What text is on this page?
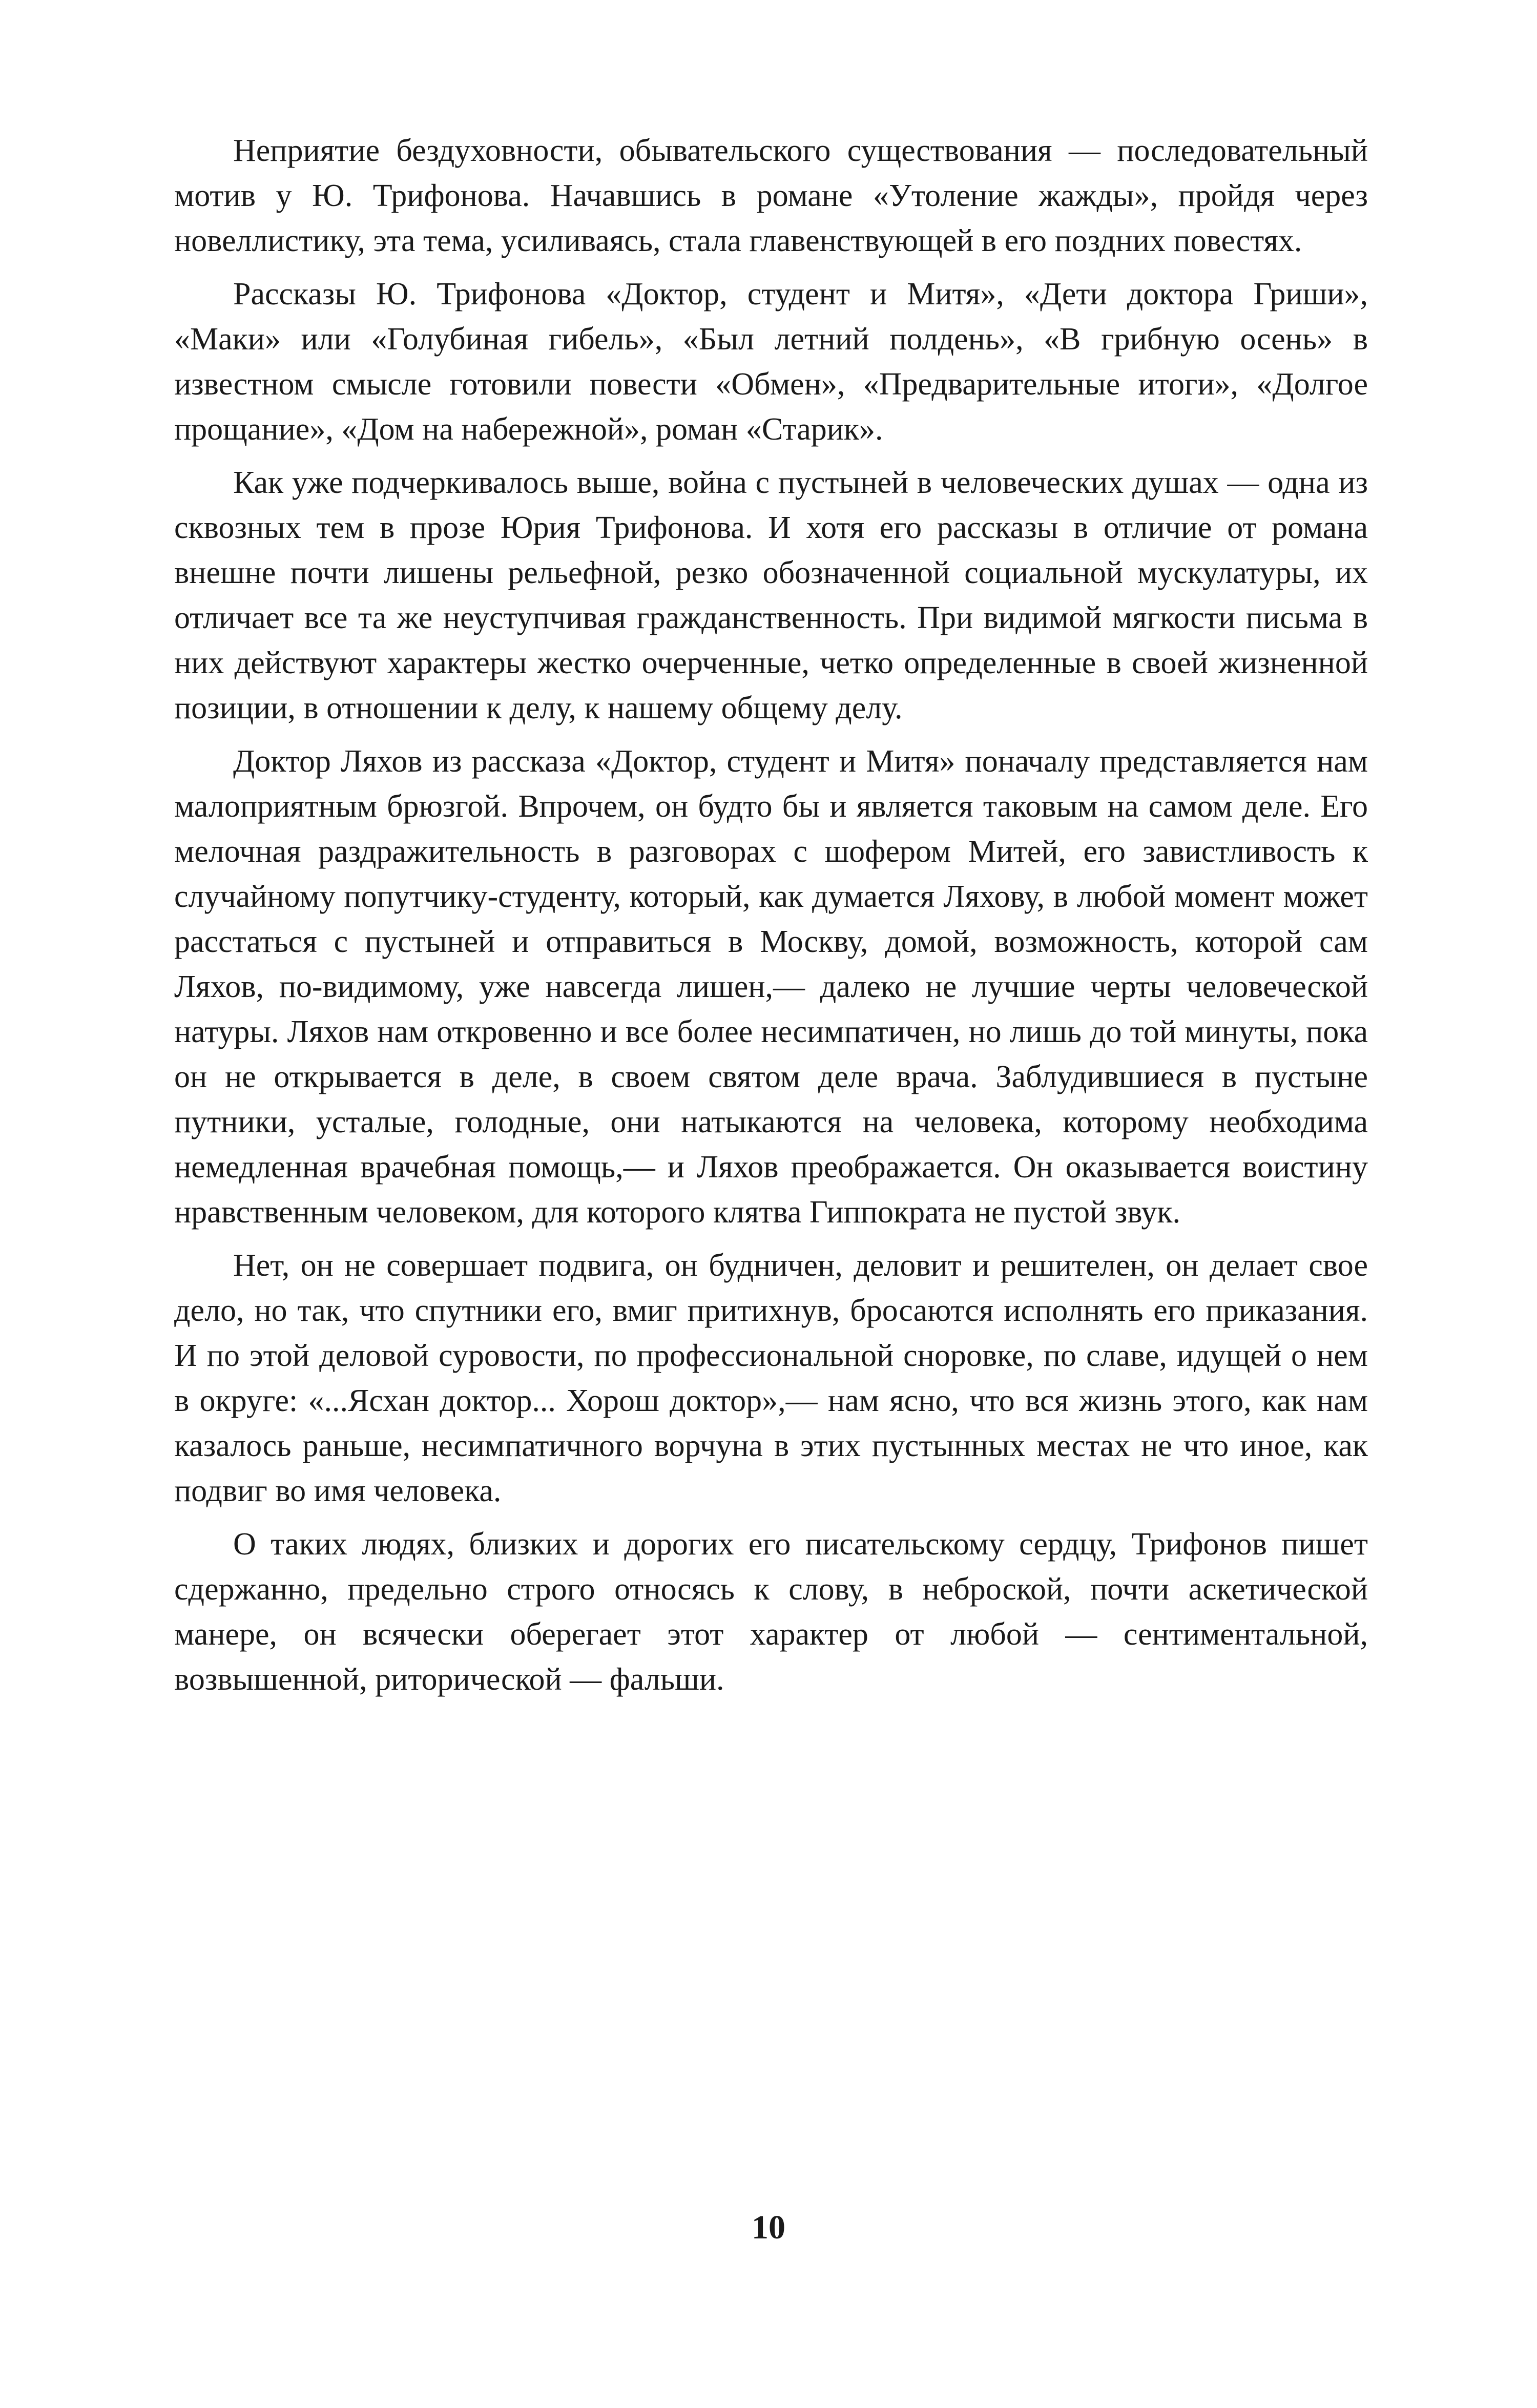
Неприятие бездуховности, обывательского существования — последовательный мотив у Ю. Трифонова. Начавшись в романе «Утоление жажды», пройдя через новеллистику, эта тема, усиливаясь, стала главенствующей в его поздних повестях.

Рассказы Ю. Трифонова «Доктор, студент и Митя», «Дети доктора Гриши», «Маки» или «Голубиная гибель», «Был летний полдень», «В грибную осень» в известном смысле готовили повести «Обмен», «Предварительные итоги», «Долгое прощание», «Дом на набережной», роман «Старик».

Как уже подчеркивалось выше, война с пустыней в человеческих душах — одна из сквозных тем в прозе Юрия Трифонова. И хотя его рассказы в отличие от романа внешне почти лишены рельефной, резко обозначенной социальной мускулатуры, их отличает все та же неуступчивая гражданственность. При видимой мягкости письма в них действуют характеры жестко очерченные, четко определенные в своей жизненной позиции, в отношении к делу, к нашему общему делу.

Доктор Ляхов из рассказа «Доктор, студент и Митя» поначалу представляется нам малоприятным брюзгой. Впрочем, он будто бы и является таковым на самом деле. Его мелочная раздражительность в разговорах с шофером Митей, его завистливость к случайному попутчику-студенту, который, как думается Ляхову, в любой момент может расстаться с пустыней и отправиться в Москву, домой, возможность, которой сам Ляхов, по-видимому, уже навсегда лишен,— далеко не лучшие черты человеческой натуры. Ляхов нам откровенно и все более несимпатичен, но лишь до той минуты, пока он не открывается в деле, в своем святом деле врача. Заблудившиеся в пустыне путники, усталые, голодные, они натыкаются на человека, которому необходима немедленная врачебная помощь,— и Ляхов преображается. Он оказывается воистину нравственным человеком, для которого клятва Гиппократа не пустой звук.

Нет, он не совершает подвига, он будничен, деловит и решителен, он делает свое дело, но так, что спутники его, вмиг притихнув, бросаются исполнять его приказания. И по этой деловой суровости, по профессиональной сноровке, по славе, идущей о нем в округе: «...Ясхан доктор... Хорош доктор»,— нам ясно, что вся жизнь этого, как нам казалось раньше, несимпатичного ворчуна в этих пустынных местах не что иное, как подвиг во имя человека.

О таких людях, близких и дорогих его писательскому сердцу, Трифонов пишет сдержанно, предельно строго относясь к слову, в неброской, почти аскетической манере, он всячески оберегает этот характер от любой — сентиментальной, возвышенной, риторической — фальши.

10
